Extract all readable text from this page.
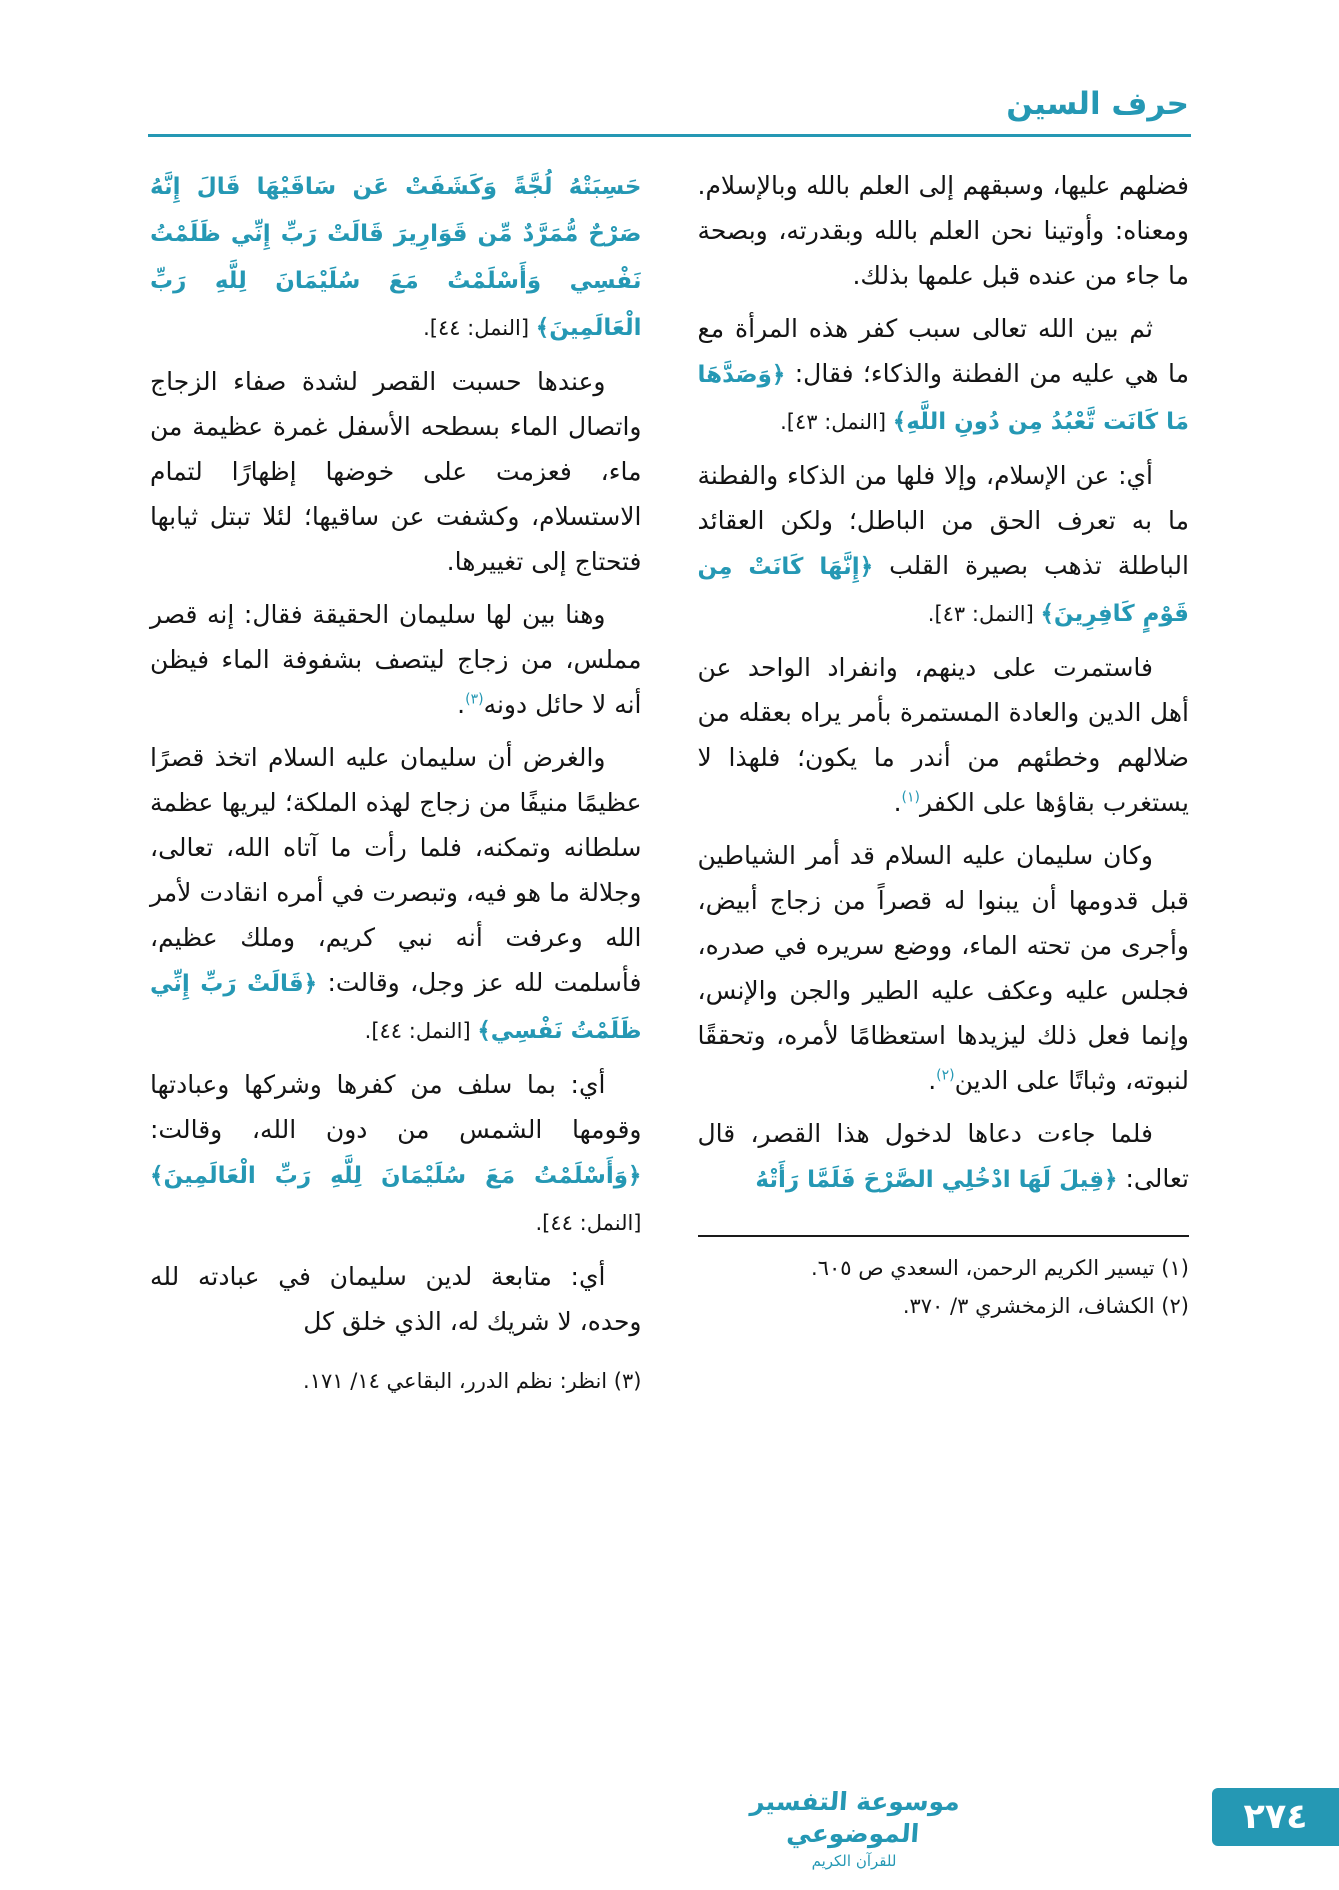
حرف السين

فضلهم عليها، وسبقهم إلى العلم بالله وبالإسلام. ومعناه: وأوتينا نحن العلم بالله وبقدرته، وبصحة ما جاء من عنده قبل علمها بذلك.

ثم بين الله تعالى سبب كفر هذه المرأة مع ما هي عليه من الفطنة والذكاء؛ فقال: ﴿وَصَدَّهَا مَا كَانَت تَّعْبُدُ مِن دُونِ اللَّهِ﴾ [النمل: ٤٣].

أي: عن الإسلام، وإلا فلها من الذكاء والفطنة ما به تعرف الحق من الباطل؛ ولكن العقائد الباطلة تذهب بصيرة القلب ﴿إِنَّهَا كَانَتْ مِن قَوْمٍ كَافِرِينَ﴾ [النمل: ٤٣].

فاستمرت على دينهم، وانفراد الواحد عن أهل الدين والعادة المستمرة بأمر يراه بعقله من ضلالهم وخطئهم من أندر ما يكون؛ فلهذا لا يستغرب بقاؤها على الكفر$^{(١)}$.

وكان سليمان عليه السلام قد أمر الشياطين قبل قدومها أن يبنوا له قصراً من زجاج أبيض، وأجرى من تحته الماء، ووضع سريره في صدره، فجلس عليه وعكف عليه الطير والجن والإنس، وإنما فعل ذلك ليزيدها استعظامًا لأمره، وتحققًا لنبوته، وثباتًا على الدين$^{(٢)}$.

فلما جاءت دعاها لدخول هذا القصر، قال تعالى: ﴿قِيلَ لَهَا ادْخُلِي الصَّرْحَ فَلَمَّا رَأَتْهُ

(١) تيسير الكريم الرحمن، السعدي ص ٦٠٥.
(٢) الكشاف، الزمخشري ٣/ ٣٧٠.

حَسِبَتْهُ لُجَّةً وَكَشَفَتْ عَن سَاقَيْهَا قَالَ إِنَّهُ صَرْحٌ مُّمَرَّدٌ مِّن قَوَارِيرَ قَالَتْ رَبِّ إِنِّي ظَلَمْتُ نَفْسِي وَأَسْلَمْتُ مَعَ سُلَيْمَانَ لِلَّهِ رَبِّ الْعَالَمِينَ﴾ [النمل: ٤٤].

وعندها حسبت القصر لشدة صفاء الزجاج واتصال الماء بسطحه الأسفل غمرة عظيمة من ماء، فعزمت على خوضها إظهارًا لتمام الاستسلام، وكشفت عن ساقيها؛ لئلا تبتل ثيابها فتحتاج إلى تغييرها.

وهنا بين لها سليمان الحقيقة فقال: إنه قصر مملس، من زجاج ليتصف بشفوفة الماء فيظن أنه لا حائل دونه$^{(٣)}$.

والغرض أن سليمان عليه السلام اتخذ قصرًا عظيمًا منيفًا من زجاج لهذه الملكة؛ ليريها عظمة سلطانه وتمكنه، فلما رأت ما آتاه الله، تعالى، وجلالة ما هو فيه، وتبصرت في أمره انقادت لأمر الله وعرفت أنه نبي كريم، وملك عظيم، فأسلمت لله عز وجل، وقالت: ﴿قَالَتْ رَبِّ إِنِّي ظَلَمْتُ نَفْسِي﴾ [النمل: ٤٤].

أي: بما سلف من كفرها وشركها وعبادتها وقومها الشمس من دون الله، وقالت: ﴿وَأَسْلَمْتُ مَعَ سُلَيْمَانَ لِلَّهِ رَبِّ الْعَالَمِينَ﴾ [النمل: ٤٤].

أي: متابعة لدين سليمان في عبادته لله وحده، لا شريك له، الذي خلق كل

(٣) انظر: نظم الدرر، البقاعي ١٤/ ١٧١.
موسوعة التفسير الموضوعي
للقرآن الكريم
٢٧٤
